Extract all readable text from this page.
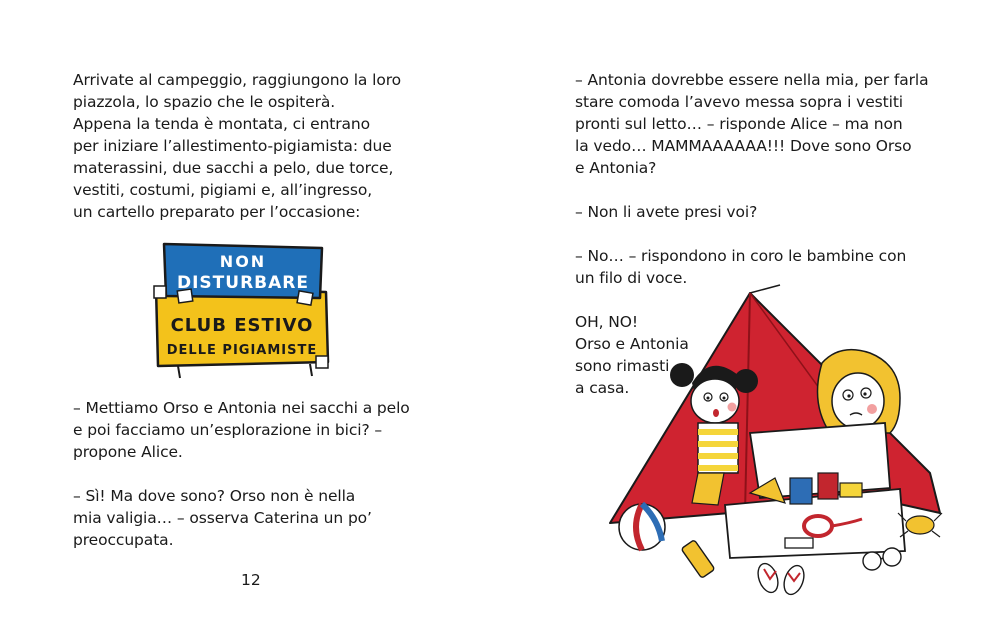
Arrivate al campeggio, raggiungono la loro
piazzola, lo spazio che le ospiterà.
Appena la tenda è montata, ci entrano
per iniziare l’allestimento-pigiamista: due
materassini, due sacchi a pelo, due torce,
vestiti, costumi, pigiami e, all’ingresso,
un cartello preparato per l’occasione:

NON
DISTURBARE
CLUB ESTIVO
DELLE PIGIAMISTE

– Mettiamo Orso e Antonia nei sacchi a pelo
e poi facciamo un’esplorazione in bici? –
propone Alice.

– Sì! Ma dove sono? Orso non è nella
mia valigia… – osserva Caterina un po’
preoccupata.

12

– Antonia dovrebbe essere nella mia, per farla
stare comoda l’avevo messa sopra i vestiti
pronti sul letto… – risponde Alice – ma non
la vedo… MAMMAAAAAA!!! Dove sono Orso
e Antonia?

– Non li avete presi voi?

– No… – rispondono in coro le bambine con
un filo di voce.

OH, NO!
Orso e Antonia
sono rimasti
a casa.
